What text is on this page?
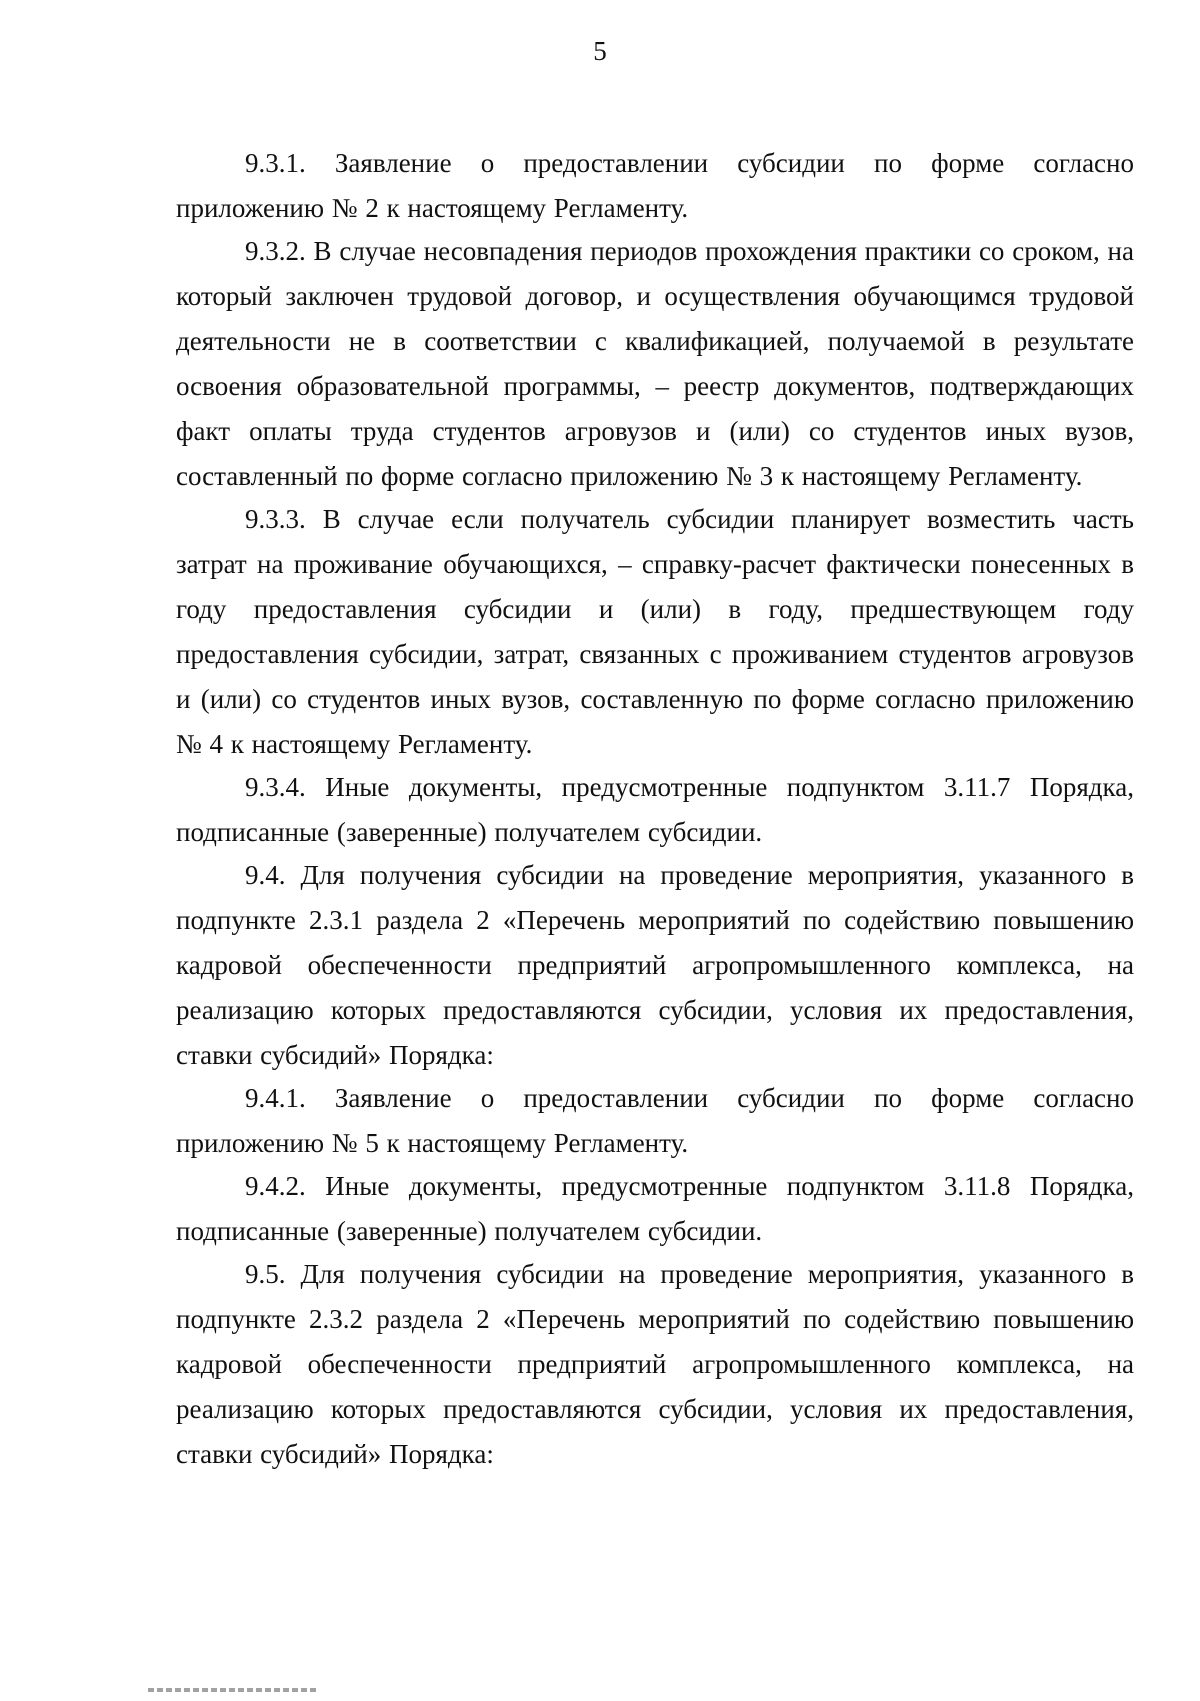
5

9.3.1. Заявление о предоставлении субсидии по форме согласно приложению № 2 к настоящему Регламенту.

9.3.2. В случае несовпадения периодов прохождения практики со сроком, на который заключен трудовой договор, и осуществления обучающимся трудовой деятельности не в соответствии с квалификацией, получаемой в результате освоения образовательной программы, – реестр документов, подтверждающих факт оплаты труда студентов агровузов и (или) со студентов иных вузов, составленный по форме согласно приложению № 3 к настоящему Регламенту.

9.3.3. В случае если получатель субсидии планирует возместить часть затрат на проживание обучающихся, – справку-расчет фактически понесенных в году предоставления субсидии и (или) в году, предшествующем году предоставления субсидии, затрат, связанных с проживанием студентов агровузов и (или) со студентов иных вузов, составленную по форме согласно приложению № 4 к настоящему Регламенту.

9.3.4. Иные документы, предусмотренные подпунктом 3.11.7 Порядка, подписанные (заверенные) получателем субсидии.

9.4. Для получения субсидии на проведение мероприятия, указанного в подпункте 2.3.1 раздела 2 «Перечень мероприятий по содействию повышению кадровой обеспеченности предприятий агропромышленного комплекса, на реализацию которых предоставляются субсидии, условия их предоставления, ставки субсидий» Порядка:

9.4.1. Заявление о предоставлении субсидии по форме согласно приложению № 5 к настоящему Регламенту.

9.4.2. Иные документы, предусмотренные подпунктом 3.11.8 Порядка, подписанные (заверенные) получателем субсидии.

9.5. Для получения субсидии на проведение мероприятия, указанного в подпункте 2.3.2 раздела 2 «Перечень мероприятий по содействию повышению кадровой обеспеченности предприятий агропромышленного комплекса, на реализацию которых предоставляются субсидии, условия их предоставления, ставки субсидий» Порядка:
